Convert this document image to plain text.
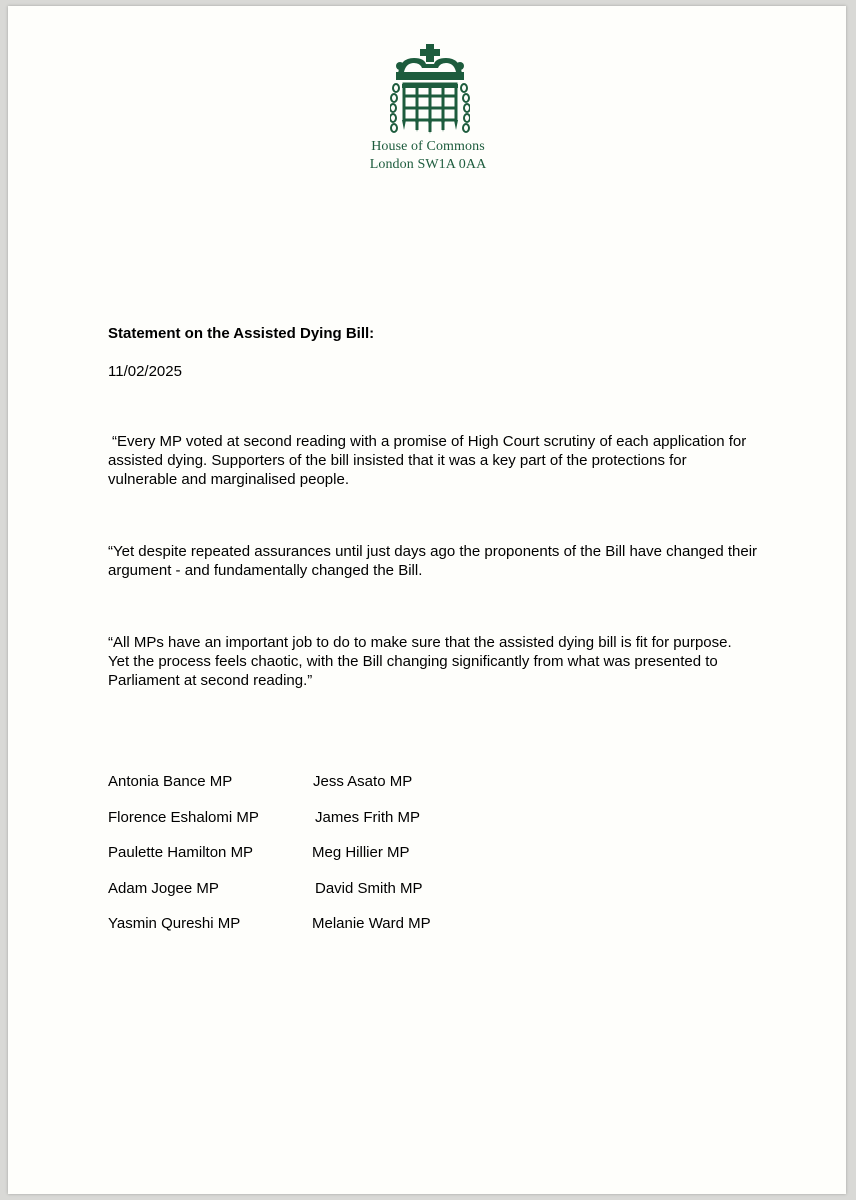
House of Commons
London SW1A 0AA
Statement on the Assisted Dying Bill:
11/02/2025
“Every MP voted at second reading with a promise of High Court scrutiny of each application for
assisted dying. Supporters of the bill insisted that it was a key part of the protections for
vulnerable and marginalised people.
“Yet despite repeated assurances until just days ago the proponents of the Bill have changed their
argument - and fundamentally changed the Bill.
“All MPs have an important job to do to make sure that the assisted dying bill is fit for purpose.
Yet the process feels chaotic, with the Bill changing significantly from what was presented to
Parliament at second reading.”
Antonia Bance MP	Jess Asato MP
Florence Eshalomi MP	James Frith MP
Paulette Hamilton MP	Meg Hillier MP
Adam Jogee MP	David Smith MP
Yasmin Qureshi MP	Melanie Ward MP
